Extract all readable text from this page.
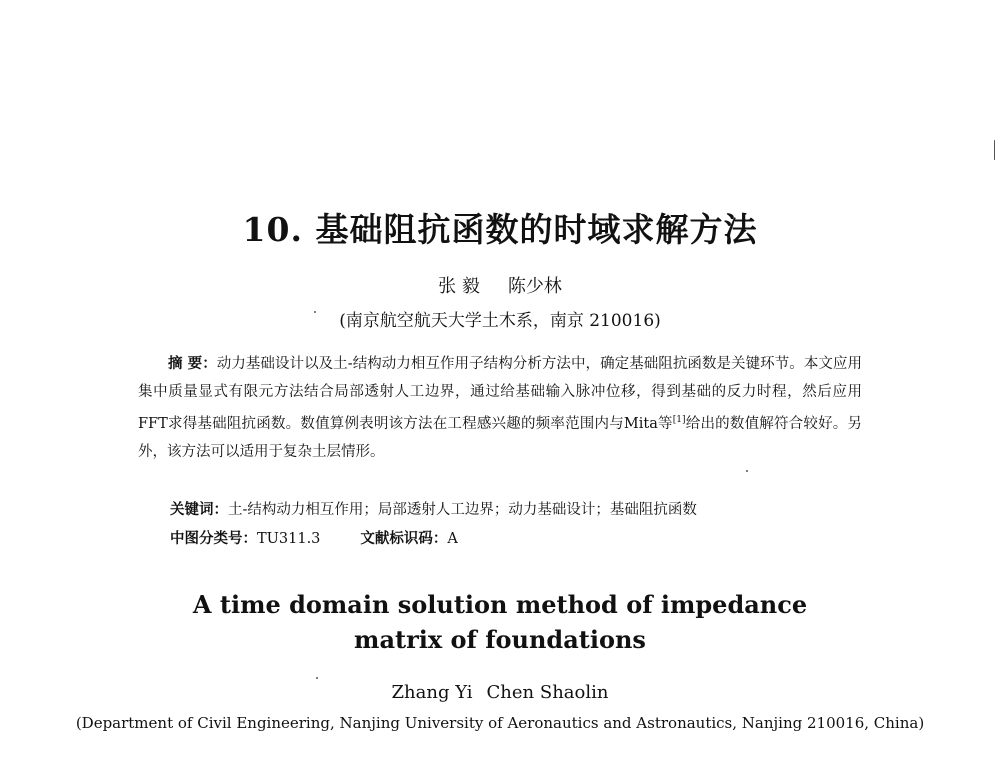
10. 基础阻抗函数的时域求解方法
张 毅 陈少林
(南京航空航天大学土木系，南京 210016)
摘 要：动力基础设计以及土-结构动力相互作用子结构分析方法中，确定基础阻抗函数是关键环节。本文应用集中质量显式有限元方法结合局部透射人工边界，通过给基础输入脉冲位移，得到基础的反力时程，然后应用FFT求得基础阻抗函数。数值算例表明该方法在工程感兴趣的频率范围内与Mita等[1]给出的数值解符合较好。另外，该方法可以适用于复杂土层情形。
关键词：土-结构动力相互作用；局部透射人工边界；动力基础设计；基础阻抗函数
中图分类号：TU311.3	文献标识码：A
A time domain solution method of impedance
matrix of foundations
Zhang Yi Chen Shaolin
(Department of Civil Engineering, Nanjing University of Aeronautics and Astronautics, Nanjing 210016, China)
